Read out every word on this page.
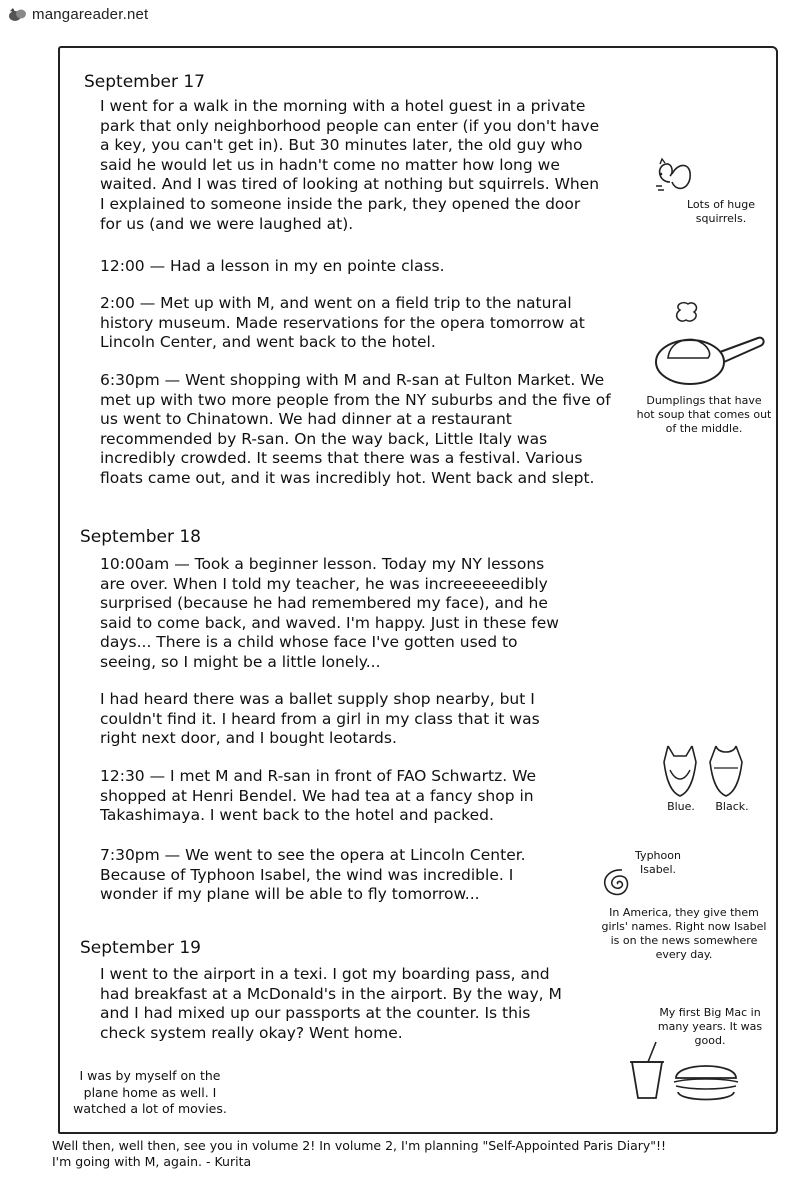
mangareader.net
September 17

I went for a walk in the morning with a hotel guest in a private park that only neighborhood people can enter (if you don't have a key, you can't get in). But 30 minutes later, the old guy who said he would let us in hadn't come no matter how long we waited. And I was tired of looking at nothing but squirrels. When I explained to someone inside the park, they opened the door for us (and we were laughed at).

12:00 — Had a lesson in my en pointe class.

2:00 — Met up with M, and went on a field trip to the natural history museum. Made reservations for the opera tomorrow at Lincoln Center, and went back to the hotel.

6:30pm — Went shopping with M and R-san at Fulton Market. We met up with two more people from the NY suburbs and the five of us went to Chinatown. We had dinner at a restaurant recommended by R-san. On the way back, Little Italy was incredibly crowded. It seems that there was a festival. Various floats came out, and it was incredibly hot. Went back and slept.

September 18

10:00am — Took a beginner lesson. Today my NY lessons are over. When I told my teacher, he was increeeeeedibly surprised (because he had remembered my face), and he said to come back, and waved. I'm happy. Just in these few days... There is a child whose face I've gotten used to seeing, so I might be a little lonely...

I had heard there was a ballet supply shop nearby, but I couldn't find it. I heard from a girl in my class that it was right next door, and I bought leotards.

12:30 — I met M and R-san in front of FAO Schwartz. We shopped at Henri Bendel. We had tea at a fancy shop in Takashimaya. I went back to the hotel and packed.

7:30pm — We went to see the opera at Lincoln Center. Because of Typhoon Isabel, the wind was incredible. I wonder if my plane will be able to fly tomorrow...

September 19

I went to the airport in a texi. I got my boarding pass, and had breakfast at a McDonald's in the airport. By the way, M and I had mixed up our passports at the counter. Is this check system really okay? Went home.

Lots of huge squirrels.

Dumplings that have hot soup that comes out of the middle.

Blue.	Black.

Typhoon Isabel.

In America, they give them girls' names. Right now Isabel is on the news somewhere every day.

My first Big Mac in many years. It was good.

I was by myself on the plane home as well. I watched a lot of movies.

Well then, well then, see you in volume 2! In volume 2, I'm planning "Self-Appointed Paris Diary"!!
I'm going with M, again. - Kurita
